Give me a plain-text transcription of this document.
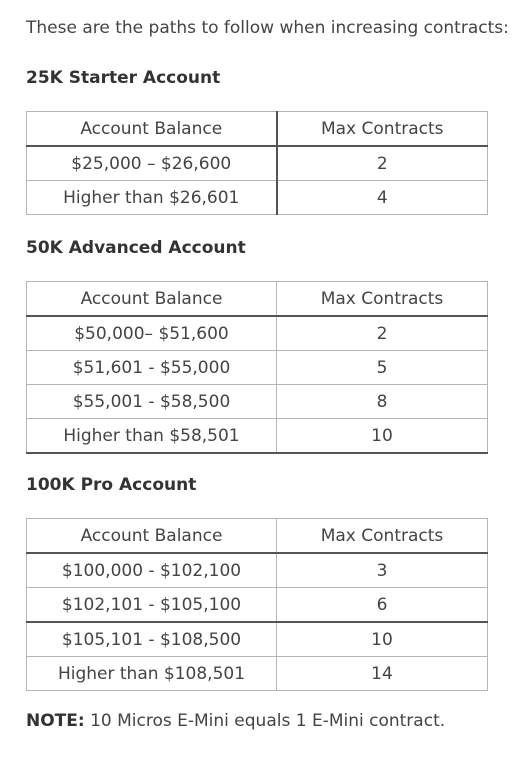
These are the paths to follow when increasing contracts:
25K Starter Account
Account Balance	Max Contracts
$25,000 – $26,600	2
Higher than $26,601	4
50K Advanced Account
Account Balance	Max Contracts
$50,000– $51,600	2
$51,601 - $55,000	5
$55,001 - $58,500	8
Higher than $58,501	10
100K Pro Account
Account Balance	Max Contracts
$100,000 - $102,100	3
$102,101 - $105,100	6
$105,101 - $108,500	10
Higher than $108,501	14
NOTE: 10 Micros E-Mini equals 1 E-Mini contract.
